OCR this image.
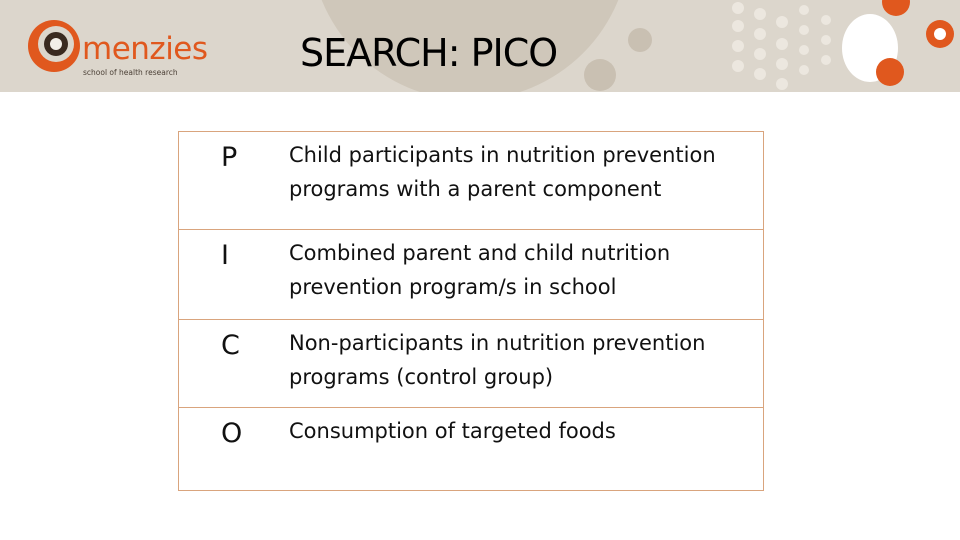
menzies
school of health research	SEARCH: PICO
P Child participants in nutrition prevention programs with a parent component
I	Combined parent and child nutrition prevention program/s in school
C Non-participants in nutrition prevention programs (control group)
O Consumption of targeted foods
